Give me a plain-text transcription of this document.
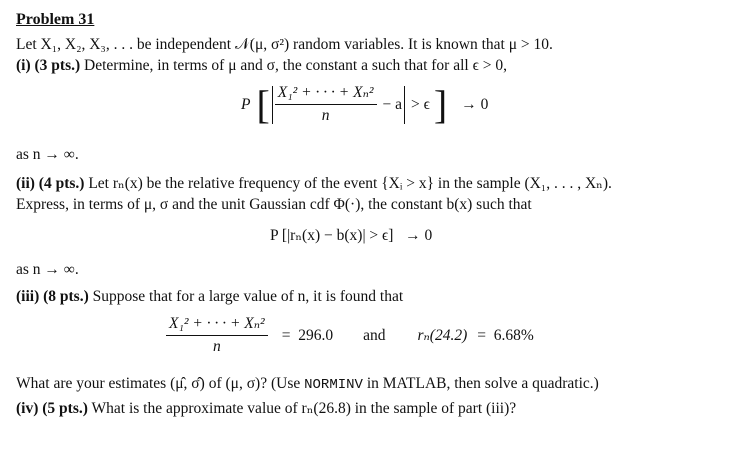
Problem 31

Let X₁, X₂, X₃, . . . be independent 𝒩(μ, σ²) random variables. It is known that μ > 10.

(i) (3 pts.) Determine, in terms of μ and σ, the constant a such that for all ϵ > 0,

P [ $\frac{\text{X₁² + · · · + Xₙ²}}{n} - a > \epsilon$ ] → 0

as n → ∞.

(ii) (4 pts.) Let rₙ(x) be the relative frequency of the event {Xᵢ > x} in the sample (X₁, . . . , Xₙ).

Express, in terms of μ, σ and the unit Gaussian cdf Φ(·), the constant b(x) such that

P [|rₙ(x) − b(x)| > ϵ]   → 0

as n → ∞.

(iii) (8 pts.) Suppose that for a large value of n, it is found that

$\frac{\text{X₁² + · · · + Xₙ²}}{n} = 296.0$ and rₙ(24.2) =  6.68%

What are your estimates (μ̂, σ̂) of (μ, σ)? (Use NORMINV in MATLAB, then solve a quadratic.)

(iv) (5 pts.) What is the approximate value of rₙ(26.8) in the sample of part (iii)?
